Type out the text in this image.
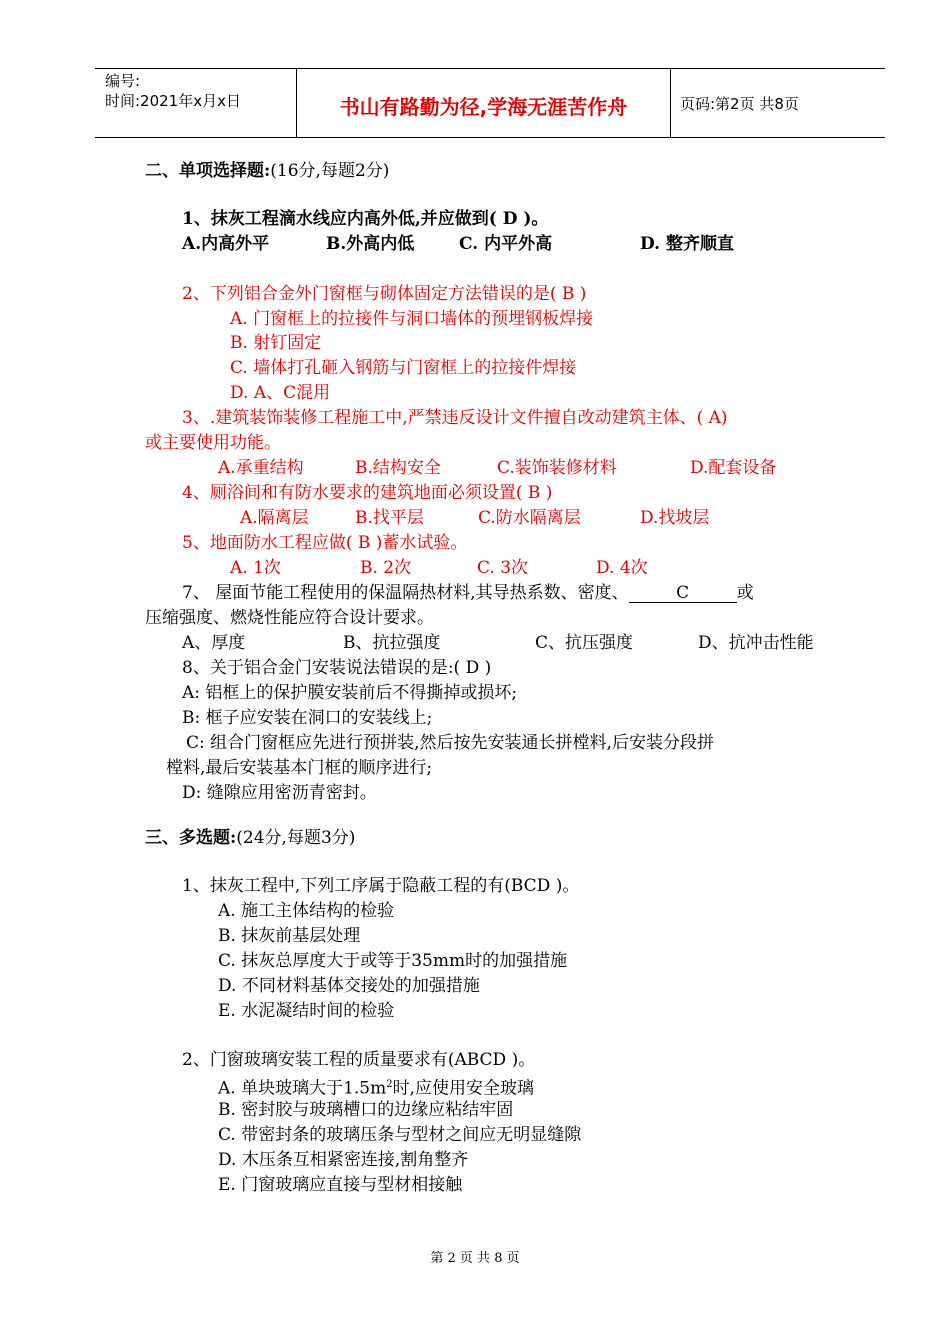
编号:
时间:2021年x月x日	书山有路勤为径,学海无涯苦作舟	页码:第2页 共8页
二、单项选择题:(16分,每题2分)
1、抹灰工程滴水线应内高外低,并应做到( D )。
A.内高外平	B.外高内低	C. 内平外高	D. 整齐顺直
2、下列铝合金外门窗框与砌体固定方法错误的是( B )
A. 门窗框上的拉接件与洞口墙体的预埋钢板焊接
B. 射钉固定
C. 墙体打孔砸入钢筋与门窗框上的拉接件焊接
D. A、C混用
3、.建筑装饰装修工程施工中,严禁违反设计文件擅自改动建筑主体、( A)
或主要使用功能。
A.承重结构	B.结构安全	C.装饰装修材料	D.配套设备
4、厕浴间和有防水要求的建筑地面必须设置( B )
A.隔离层	B.找平层	C.防水隔离层	D.找坡层
5、地面防水工程应做( B )蓄水试验。
A. 1次	B. 2次	C. 3次	D. 4次
7、 屋面节能工程使用的保温隔热材料,其导热系数、密度、	C	或
压缩强度、燃烧性能应符合设计要求。
A、厚度	B、抗拉强度	C、抗压强度	D、抗冲击性能
8、关于铝合金门安装说法错误的是:( D )
A: 铝框上的保护膜安装前后不得撕掉或损坏;
B: 框子应安装在洞口的安装线上;
C: 组合门窗框应先进行预拼装,然后按先安装通长拼樘料,后安装分段拼
樘料,最后安装基本门框的顺序进行;
D: 缝隙应用密沥青密封。
三、多选题:(24分,每题3分)
1、抹灰工程中,下列工序属于隐蔽工程的有(BCD )。
A. 施工主体结构的检验
B. 抹灰前基层处理
C. 抹灰总厚度大于或等于35mm时的加强措施
D. 不同材料基体交接处的加强措施
E. 水泥凝结时间的检验
2、门窗玻璃安装工程的质量要求有(ABCD )。
A. 单块玻璃大于$1.5m^2$时,应使用安全玻璃
B. 密封胶与玻璃槽口的边缘应粘结牢固
C. 带密封条的玻璃压条与型材之间应无明显缝隙
D. 木压条互相紧密连接,割角整齐
E. 门窗玻璃应直接与型材相接触
第 2 页 共 8 页
